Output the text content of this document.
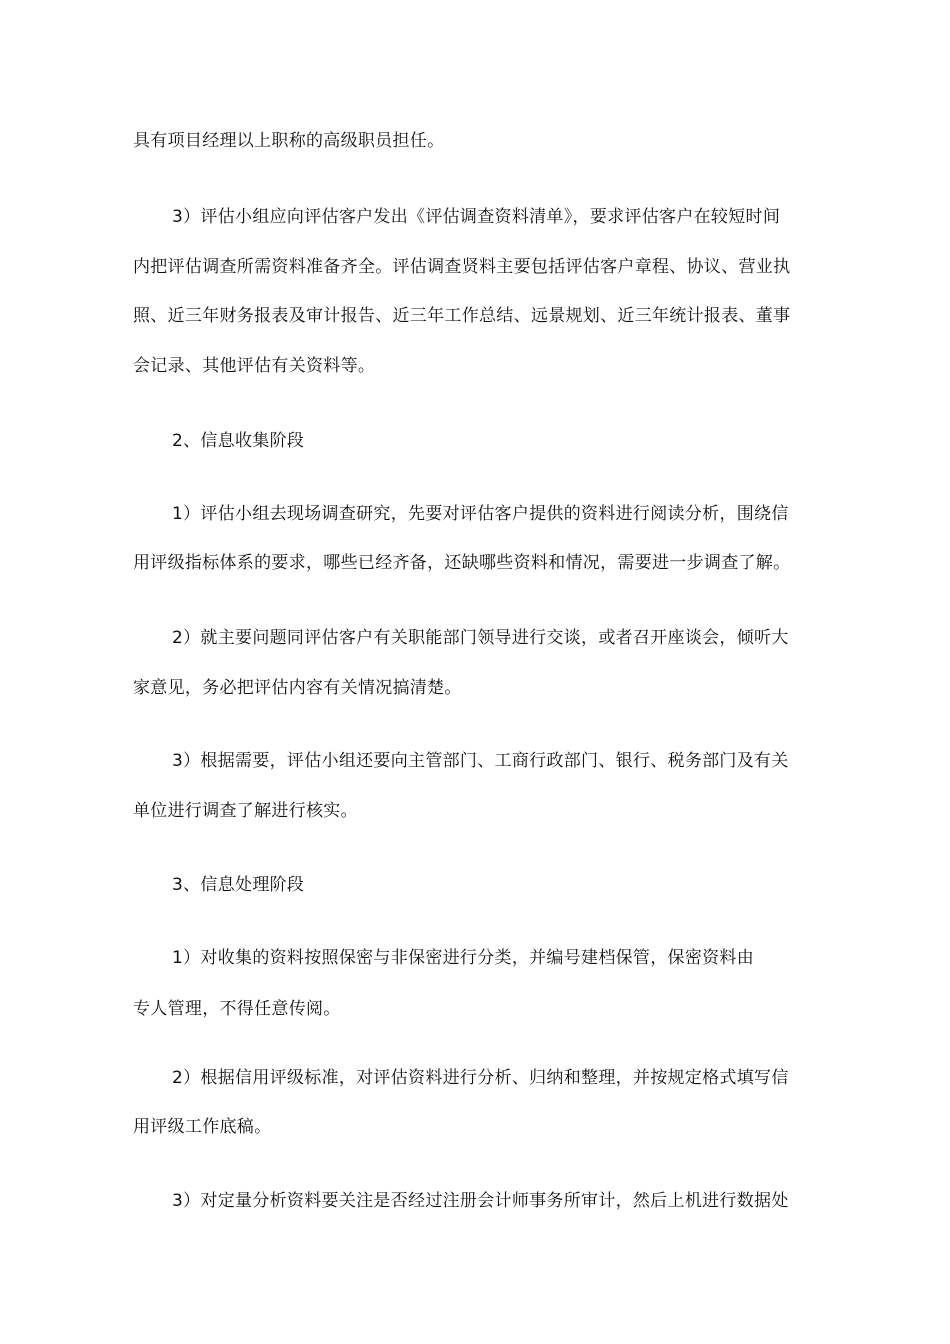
具有项目经理以上职称的高级职员担任。
3）评估小组应向评估客户发出《评估调查资料清单》，要求评估客户在较短时间
内把评估调查所需资料准备齐全。评估调查贤料主要包括评估客户章程、协议、营业执
照、近三年财务报表及审计报告、近三年工作总结、远景规划、近三年统计报表、董事
会记录、其他评估有关资料等。
2、信息收集阶段
1）评估小组去现场调查研究，先要对评估客户提供的资料进行阅读分析，围绕信
用评级指标体系的要求，哪些已经齐备，还缺哪些资料和情况，需要进一步调查了解。
2）就主要问题同评估客户有关职能部门领导进行交谈，或者召开座谈会，倾听大
家意见，务必把评估内容有关情况搞清楚。
3）根据需要，评估小组还要向主管部门、工商行政部门、银行、税务部门及有关
单位进行调查了解进行核实。
3、信息处理阶段
1）对收集的资料按照保密与非保密进行分类，并编号建档保管，保密资料由
专人管理，不得任意传阅。
2）根据信用评级标准，对评估资料进行分析、归纳和整理，并按规定格式填写信
用评级工作底稿。
3）对定量分析资料要关注是否经过注册会计师事务所审计，然后上机进行数据处
